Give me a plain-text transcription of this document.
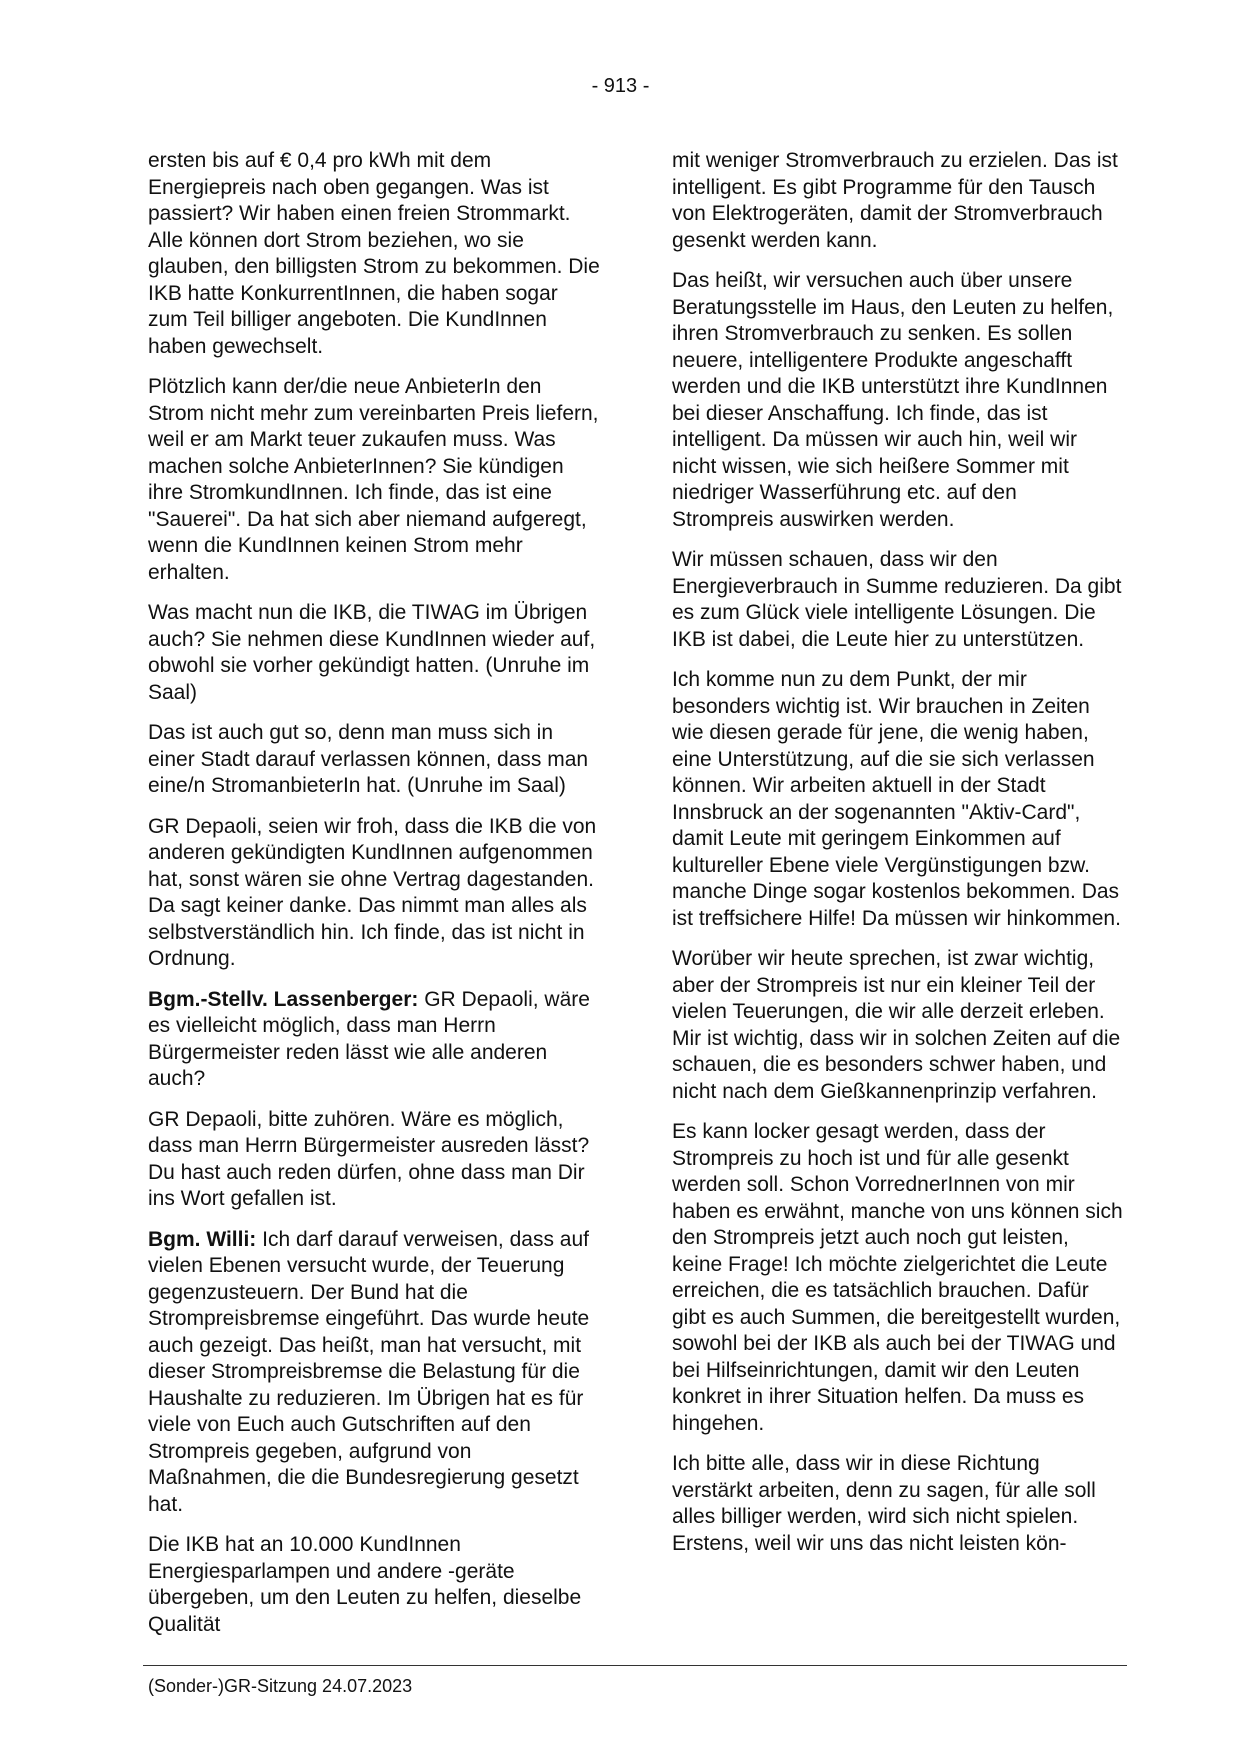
- 913 -

ersten bis auf € 0,4 pro kWh mit dem Energiepreis nach oben gegangen. Was ist passiert? Wir haben einen freien Strommarkt. Alle können dort Strom beziehen, wo sie glauben, den billigsten Strom zu bekommen. Die IKB hatte KonkurrentInnen, die haben sogar zum Teil billiger angeboten. Die KundInnen haben gewechselt.

Plötzlich kann der/die neue AnbieterIn den Strom nicht mehr zum vereinbarten Preis liefern, weil er am Markt teuer zukaufen muss. Was machen solche AnbieterInnen? Sie kündigen ihre StromkundInnen. Ich finde, das ist eine "Sauerei". Da hat sich aber niemand aufgeregt, wenn die KundInnen keinen Strom mehr erhalten.

Was macht nun die IKB, die TIWAG im Übrigen auch? Sie nehmen diese KundInnen wieder auf, obwohl sie vorher gekündigt hatten. (Unruhe im Saal)

Das ist auch gut so, denn man muss sich in einer Stadt darauf verlassen können, dass man eine/n StromanbieterIn hat. (Unruhe im Saal)

GR Depaoli, seien wir froh, dass die IKB die von anderen gekündigten KundInnen aufgenommen hat, sonst wären sie ohne Vertrag dagestanden. Da sagt keiner danke. Das nimmt man alles als selbstverständlich hin. Ich finde, das ist nicht in Ordnung.

Bgm.-Stellv. Lassenberger: GR Depaoli, wäre es vielleicht möglich, dass man Herrn Bürgermeister reden lässt wie alle anderen auch?

GR Depaoli, bitte zuhören. Wäre es möglich, dass man Herrn Bürgermeister ausreden lässt? Du hast auch reden dürfen, ohne dass man Dir ins Wort gefallen ist.

Bgm. Willi: Ich darf darauf verweisen, dass auf vielen Ebenen versucht wurde, der Teuerung gegenzusteuern. Der Bund hat die Strompreisbremse eingeführt. Das wurde heute auch gezeigt. Das heißt, man hat versucht, mit dieser Strompreisbremse die Belastung für die Haushalte zu reduzieren. Im Übrigen hat es für viele von Euch auch Gutschriften auf den Strompreis gegeben, aufgrund von Maßnahmen, die die Bundesregierung gesetzt hat.

Die IKB hat an 10.000 KundInnen Energiesparlampen und andere -geräte übergeben, um den Leuten zu helfen, dieselbe Qualität

mit weniger Stromverbrauch zu erzielen. Das ist intelligent. Es gibt Programme für den Tausch von Elektrogeräten, damit der Stromverbrauch gesenkt werden kann.

Das heißt, wir versuchen auch über unsere Beratungsstelle im Haus, den Leuten zu helfen, ihren Stromverbrauch zu senken. Es sollen neuere, intelligentere Produkte angeschafft werden und die IKB unterstützt ihre KundInnen bei dieser Anschaffung. Ich finde, das ist intelligent. Da müssen wir auch hin, weil wir nicht wissen, wie sich heißere Sommer mit niedriger Wasserführung etc. auf den Strompreis auswirken werden.

Wir müssen schauen, dass wir den Energieverbrauch in Summe reduzieren. Da gibt es zum Glück viele intelligente Lösungen. Die IKB ist dabei, die Leute hier zu unterstützen.

Ich komme nun zu dem Punkt, der mir besonders wichtig ist. Wir brauchen in Zeiten wie diesen gerade für jene, die wenig haben, eine Unterstützung, auf die sie sich verlassen können. Wir arbeiten aktuell in der Stadt Innsbruck an der sogenannten "Aktiv-Card", damit Leute mit geringem Einkommen auf kultureller Ebene viele Vergünstigungen bzw. manche Dinge sogar kostenlos bekommen. Das ist treffsichere Hilfe! Da müssen wir hinkommen.

Worüber wir heute sprechen, ist zwar wichtig, aber der Strompreis ist nur ein kleiner Teil der vielen Teuerungen, die wir alle derzeit erleben. Mir ist wichtig, dass wir in solchen Zeiten auf die schauen, die es besonders schwer haben, und nicht nach dem Gießkannenprinzip verfahren.

Es kann locker gesagt werden, dass der Strompreis zu hoch ist und für alle gesenkt werden soll. Schon VorrednerInnen von mir haben es erwähnt, manche von uns können sich den Strompreis jetzt auch noch gut leisten, keine Frage! Ich möchte zielgerichtet die Leute erreichen, die es tatsächlich brauchen. Dafür gibt es auch Summen, die bereitgestellt wurden, sowohl bei der IKB als auch bei der TIWAG und bei Hilfseinrichtungen, damit wir den Leuten konkret in ihrer Situation helfen. Da muss es hingehen.

Ich bitte alle, dass wir in diese Richtung verstärkt arbeiten, denn zu sagen, für alle soll alles billiger werden, wird sich nicht spielen. Erstens, weil wir uns das nicht leisten kön-

(Sonder-)GR-Sitzung 24.07.2023
